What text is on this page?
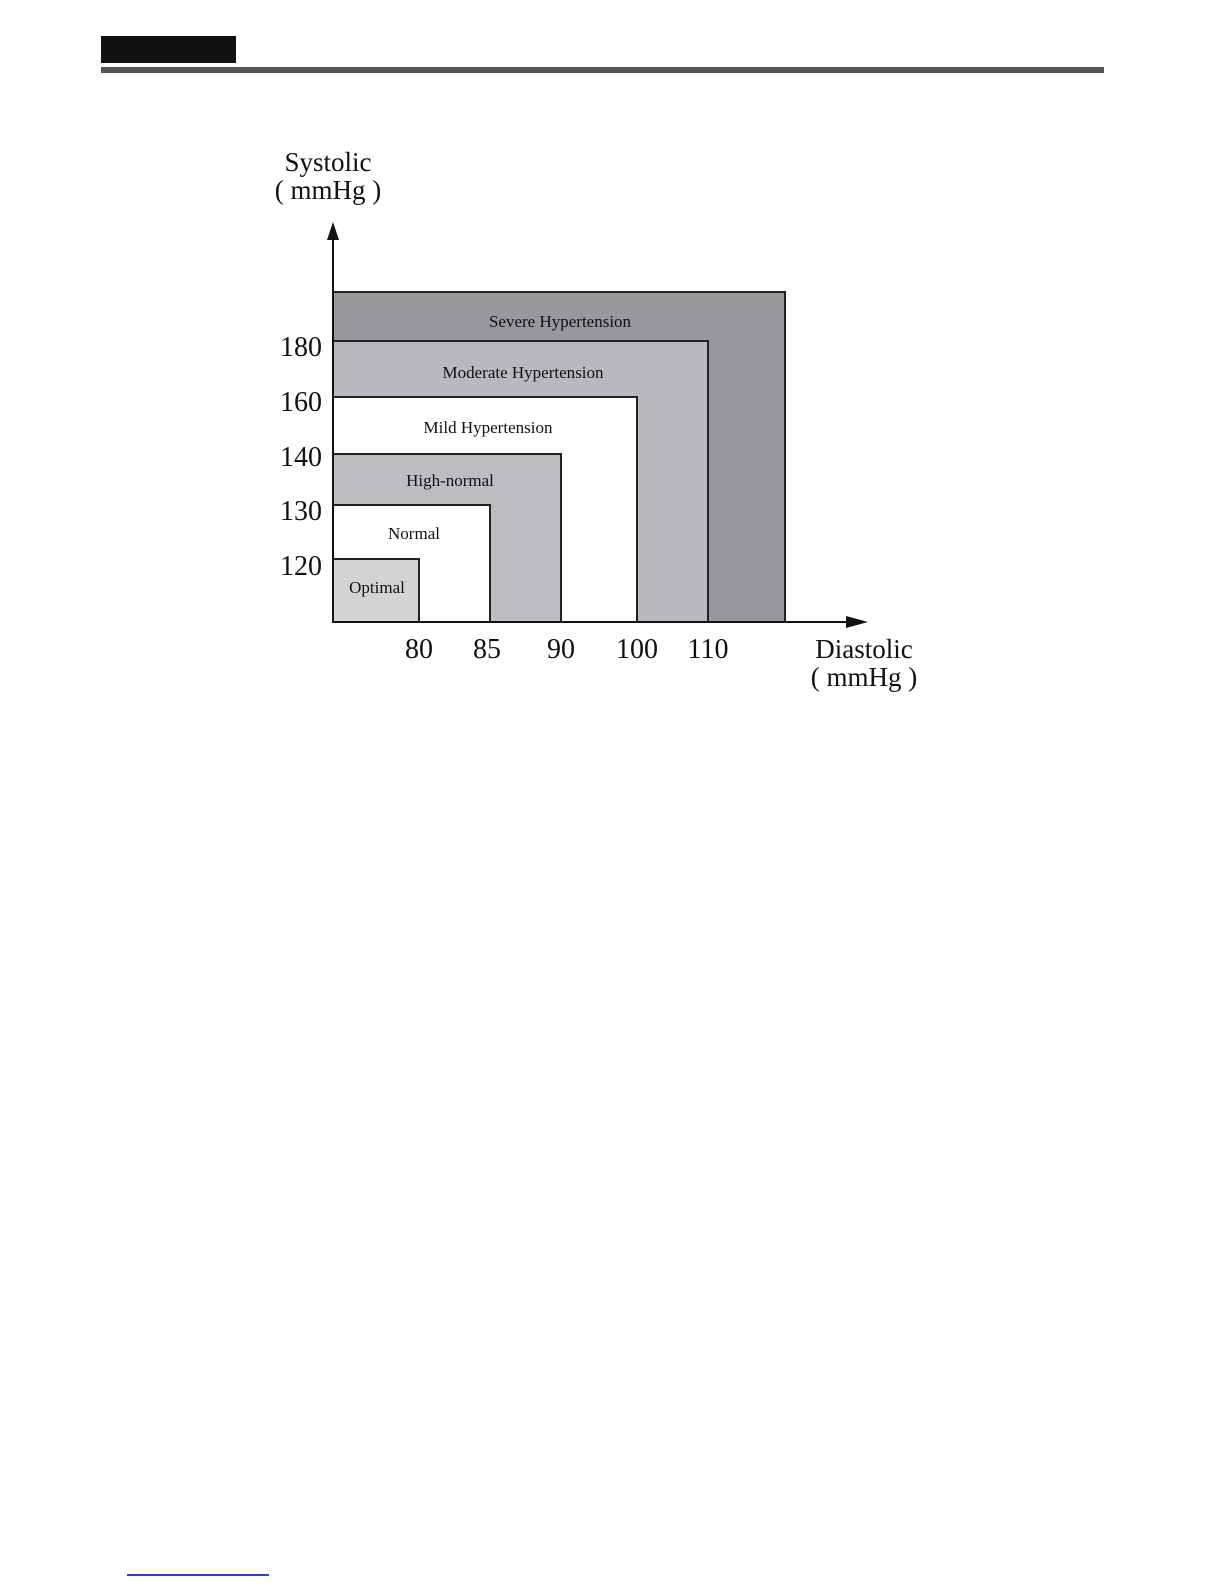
Severe Hypertension
Moderate Hypertension
Mild Hypertension
High-normal
Normal
Optimal
Systolic
( mmHg )
Diastolic
( mmHg )
180
160
140
130
120
80 85 90 100 110
